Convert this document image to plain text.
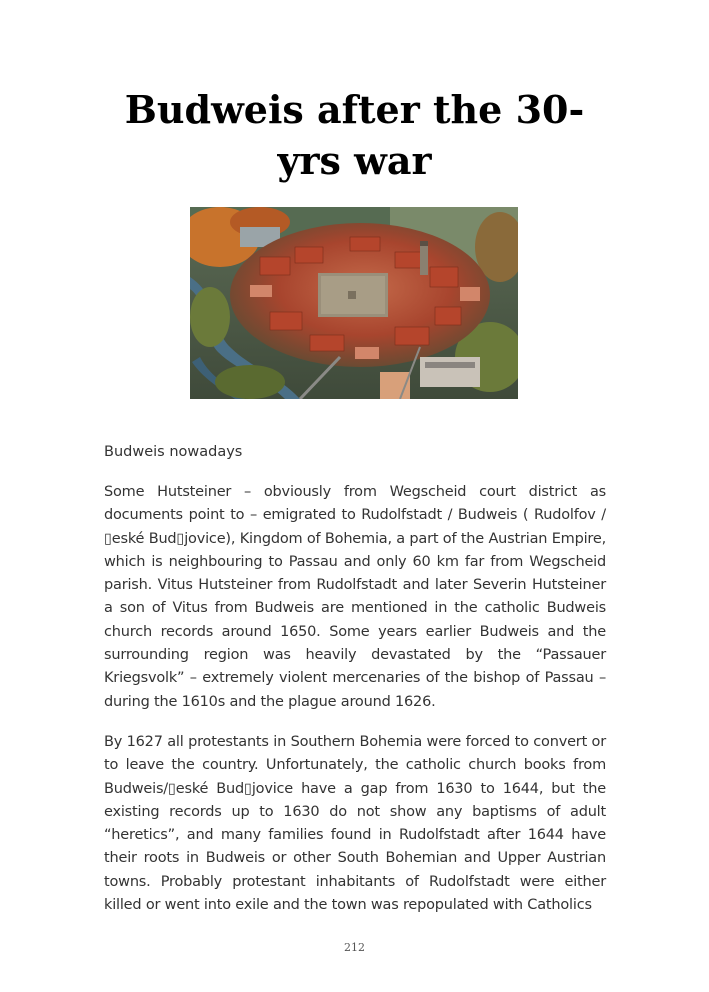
Budweis after the 30-yrs war

Budweis nowadays

Some Hutsteiner – obviously from Wegscheid court district as documents point to – emigrated to Rudolfstadt / Budweis ( Rudolfov / ▯eské Bud▯jovice), Kingdom of Bohemia, a part of the Austrian Empire, which is neighbouring to Passau and only 60 km far from Wegscheid parish. Vitus Hutsteiner from Rudolfstadt and later Severin Hutsteiner a son of Vitus from Budweis are mentioned in the catholic Budweis church records around 1650. Some years earlier Budweis and the surrounding region was heavily devastated by the “Passauer Kriegsvolk” – extremely violent mercenaries of the bishop of Passau – during the 1610s and the plague around 1626.

By 1627 all protestants in Southern Bohemia were forced to convert or to leave the country. Unfortunately, the catholic church books from Budweis/▯eské Bud▯jovice have a gap from 1630 to 1644, but the existing records up to 1630 do not show any baptisms of adult “heretics”, and many families found in Rudolfstadt after 1644 have their roots in Budweis or other South Bohemian and Upper Austrian towns. Probably protestant inhabitants of Rudolfstadt were either killed or went into exile and the town was repopulated with Catholics

212
